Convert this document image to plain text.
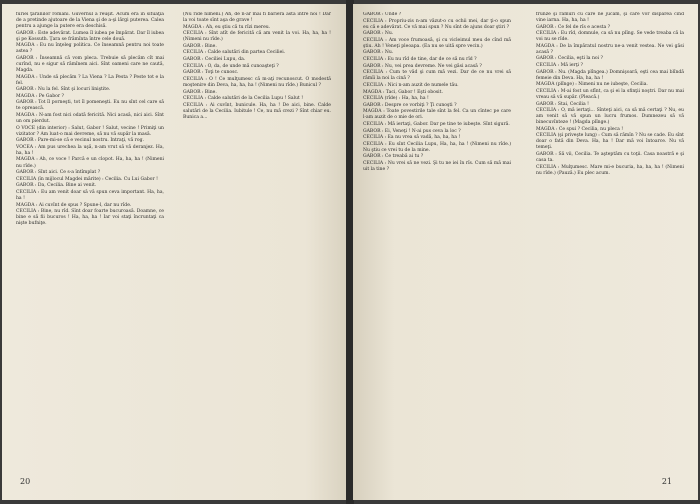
furiei ţăranilor români. Guvernul a reuşit. Acum era în situaţia de a pretinde ajutoare de la Viena şi de a-şi lărgi puterea. Calea pentru a ajunge la putere era deschisă.

GABOR : Este adevărat. Lumea îl iubea pe împărat. Dar îl iubea şi pe Kossuth. Ţara se frămînta între cele două.

MAGDA : Eu nu înţeleg politica. Ce înseamnă pentru noi toate astea ?

GABOR : Înseamnă că vom pleca. Trebuie să plecăm cît mai curînd, nu e sigur să rămînem aici. Sînt oameni care ne caută, Magda.

MAGDA : Unde să plecăm ? La Viena ? La Pesta ? Peste tot e la fel.

GABOR : Nu la fel. Sînt şi locuri liniştite.

MAGDA : Pe Gabor ?

GABOR : Tot îl porneşti, tot îl pomeneşti. Eu nu sînt cel care să te oprească.

MAGDA : N-am fost nici odată fericită. Nici acasă, nici aici. Sînt un om pierdut.

O VOCE (din interior) : Salut, Gabor ! Salut, vecine ! Primiţi un vizitator ? Am luat-o mai devreme, să nu vă supăr la masă.

GABOR : Pare-mi-se că e vecinul nostru. Intraţi, vă rog.

VOCEA : Am pus urechea la uşă, n-am vrut să vă deranjez. Ha, ha, ha !

MAGDA : Ah, ce voce ! Parcă e un clopot. Ha, ha, ha ! (Nimeni nu rîde.)

GABOR : Sînt aici. Ce s-a întîmplat ?

CECILIA (în mijlocul Magdei mărite) : Cecilia. Cu Lui Gabor !

GABOR : Da, Cecilia. Bine ai venit.

CECILIA : Eu am venit doar să vă spun ceva important. Ha, ha, ha !

MAGDA : Ai cuvînt de spus ? Spune-l, dar nu rîde.

CECILIA : Bine, nu rîd. Sînt doar foarte bucuroasă. Doamne, ce bine e să fii bucuros ! Ha, ha, ha ! Iar voi staţi încruntaţi ca nişte bufniţe.

(Nu rîde nimeni.) Ah, de n-ar mai fi bariera asta între noi ! Dar la voi toate sînt aşa de grave !

MAGDA : Ah, eu ştiu că tu rîzi mereu.

CECILIA : Sînt atît de fericită că am venit la voi. Ha, ha, ha ! (Nimeni nu rîde.)

GABOR : Bine.

CECILIA : Calde salutări din partea Ceciliei.

GABOR : Ceciliei Lupu, da.

CECILIA : O, da, de unde mă cunoaşteţi ?

GABOR : Toţi te cunosc.

CECILIA : O ! Ce mulţumesc că m-aţi recunoscut. O modestă moştenire din Deva, ha, ha, ha ! (Nimeni nu rîde.) Bunicul ?

GABOR : Bine.

CECILIA : Calde salutări de la Cecilia Lupu ! Salut !

CECILIA : Ai cuvînt, bunicule. Ha, ha ! De aici, bine. Calde salutări de la Cecilia. Iubitule ! Ce, nu mă crezi ? Sînt chiar eu. Bunica a...

20

GABOR : Unde ?

CECILIA : Propriu-zis n-am văzut-o cu ochii mei, dar ţi-o spun eu că e adevărat. Ce vă mai spun ? Nu sînt de ajuns doar ştiri ?

GABOR : Nu.

CECILIA : Am voce frumoasă, şi cu vicleimul meu de cînd mă ştiu. Ah ! Veneţi pleoapa. (Ea nu se uită spre vecin.)

GABOR : Nu.

CECILIA : Eu nu rîd de tine, dar de ce să nu rîd ?

GABOR : Nu, vei prea devreme. Ne vei găsi acasă ?

CECILIA : Cum te văd şi cum mă vezi. Dar de ce nu vrei să rămîi la noi la cină ?

CECILIA : Nici n-am auzit de numele tău.

MAGDA : Taci, Gabor ! Eşti obosit.

CECILIA (rîde) : Ha, ha, ha !

GABOR : Despre ce vorbiţi ? Ţi cunoşti ?

MAGDA : Toate povestirile tale sînt la fel. Ca un cîntec pe care l-am auzit de o mie de ori.

CECILIA : Mă iertaţi, Gabor. Dar pe tine te iubeşte. Sînt sigură.

GABOR : Ei, Veneţi ! N-ai pus ceva la loc ?

CECILIA : Ea nu vrea să vadă, ha, ha, ha !

CECILIA : Eu sînt Cecilia Lupu, Ha, ha, ha ! (Nimeni nu rîde.) Nu ştiu ce vrei tu de la mine.

GABOR : Ce treabă ai tu ?

CECILIA : Nu vrei să ne vezi. Şi tu ne iei în rîs. Cum să mă mai uit la tine ?

frunze şi ramuri cu care ne jucăm, şi care vor dispărea cînd vine iarna. Ha, ha, ha !

GABOR : Ce fel de rîs e acesta ?

CECILIA : Eu rîd, domnule, ca să nu plîng. Se vede treaba că la voi nu se rîde.

MAGDA : De la împăratul nostru ne-a venit vestea. Ne vei găsi acasă ?

GABOR : Cecilia, eşti la noi ?

CECILIA : Mă ierţi ?

GABOR : Nu. (Magda plîngea.) Domnişoară, eşti cea mai blîndă femeie din Deva. Ha, ha, ha !

MAGDA (plînge) : Nimeni nu ne iubeşte, Cecilia.

CECILIA : M-ai fost un sfînt, ca şi ei la sfinţii noştri. Dar nu mai vreau să vă supăr. (Pleacă.)

GABOR : Stai, Cecilia !

CECILIA : O, mă iertaţi... Sînteţi aici, ca să mă certaţi ? Nu, eu am venit să vă spun un lucru frumos. Dumnezeu să vă binecuvînteze ! (Magda plînge.)

MAGDA : Ce spui ? Cecilia, nu pleca !

CECILIA (şi priveşte lung) : Cum să rămîn ? Nu se cade. Eu sînt doar o fată din Deva. Ha, ha ! Dar mă voi întoarce. Nu vă temeţi.

GABOR : Să vii, Cecilia. Te aşteptăm cu toţii. Casa noastră e şi casa ta.

CECILIA : Mulţumesc. Mare mi-e bucuria, ha, ha, ha ! (Nimeni nu rîde.) (Pauză.) Eu plec acum.

21
